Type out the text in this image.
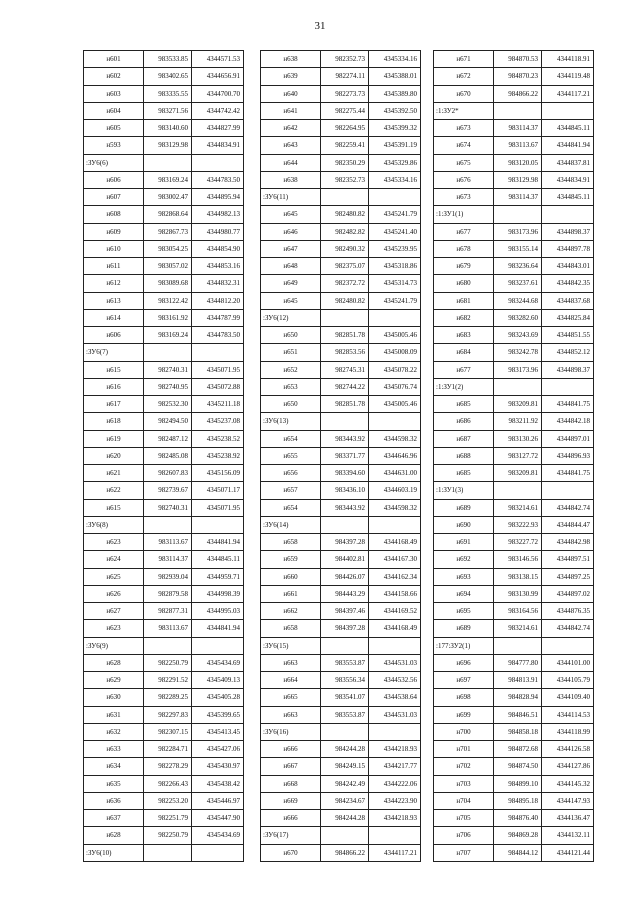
31
н601	983533.85	4344571.53
н602	983402.65	4344656.91
н603	983335.55	4344700.70
н604	983271.56	4344742.42
н605	983140.60	4344827.99
н593	983129.98	4344834.91
:ЗУ6(6)		
н606	983169.24	4344783.50
н607	983002.47	4344895.94
н608	982868.64	4344982.13
н609	982867.73	4344980.77
н610	983054.25	4344854.90
н611	983057.02	4344853.16
н612	983089.68	4344832.31
н613	983122.42	4344812.20
н614	983161.92	4344787.99
н606	983169.24	4344783.50
:ЗУ6(7)		
н615	982740.31	4345071.95
н616	982740.95	4345072.88
н617	982532.30	4345211.18
н618	982494.50	4345237.08
н619	982487.12	4345238.52
н620	982485.08	4345238.92
н621	982607.83	4345156.09
н622	982739.67	4345071.17
н615	982740.31	4345071.95
:ЗУ6(8)		
н623	983113.67	4344841.94
н624	983114.37	4344845.11
н625	982939.04	4344959.71
н626	982879.58	4344998.39
н627	982877.31	4344995.03
н623	983113.67	4344841.94
:ЗУ6(9)		
н628	982250.79	4345434.69
н629	982291.52	4345409.13
н630	982289.25	4345405.28
н631	982297.83	4345399.65
н632	982307.15	4345413.45
н633	982284.71	4345427.06
н634	982278.29	4345430.97
н635	982266.43	4345438.42
н636	982253.20	4345446.97
н637	982251.79	4345447.90
н628	982250.79	4345434.69
:ЗУ6(10)		
н638	982352.73	4345334.16
н639	982274.11	4345388.01
н640	982273.73	4345389.80
н641	982275.44	4345392.50
н642	982264.95	4345399.32
н643	982259.41	4345391.19
н644	982350.29	4345329.86
н638	982352.73	4345334.16
:ЗУ6(11)		
н645	982480.82	4345241.79
н646	982482.82	4345241.40
н647	982490.32	4345239.95
н648	982375.07	4345318.86
н649	982372.72	4345314.73
н645	982480.82	4345241.79
:ЗУ6(12)		
н650	982851.78	4345005.46
н651	982853.56	4345008.09
н652	982745.31	4345078.22
н653	982744.22	4345076.74
н650	982851.78	4345005.46
:ЗУ6(13)		
н654	983443.92	4344598.32
н655	983371.77	4344646.96
н656	983394.60	4344631.00
н657	983436.10	4344603.19
н654	983443.92	4344598.32
:ЗУ6(14)		
н658	984397.28	4344168.49
н659	984402.81	4344167.30
н660	984426.07	4344162.34
н661	984443.29	4344158.66
н662	984397.46	4344169.52
н658	984397.28	4344168.49
:ЗУ6(15)		
н663	983553.87	4344531.03
н664	983556.34	4344532.56
н665	983541.07	4344538.64
н663	983553.87	4344531.03
:ЗУ6(16)		
н666	984244.28	4344218.93
н667	984249.15	4344217.77
н668	984242.49	4344222.06
н669	984234.67	4344223.90
н666	984244.28	4344218.93
:ЗУ6(17)		
н670	984866.22	4344117.21
н671	984870.53	4344118.91
н672	984870.23	4344119.48
н670	984866.22	4344117.21
:1:ЗУ2*		
н673	983114.37	4344845.11
н674	983113.67	4344841.94
н675	983120.05	4344837.81
н676	983129.98	4344834.91
н673	983114.37	4344845.11
:1:ЗУ1(1)		
н677	983173.96	4344898.37
н678	983155.14	4344897.78
н679	983236.64	4344843.01
н680	983237.61	4344842.35
н681	983244.68	4344837.68
н682	983282.60	4344825.84
н683	983243.69	4344851.55
н684	983242.78	4344852.12
н677	983173.96	4344898.37
:1:ЗУ1(2)		
н685	983209.81	4344841.75
н686	983211.92	4344842.18
н687	983130.26	4344897.01
н688	983127.72	4344896.93
н685	983209.81	4344841.75
:1:ЗУ1(3)		
н689	983214.61	4344842.74
н690	983222.93	4344844.47
н691	983227.72	4344842.98
н692	983146.56	4344897.51
н693	983138.15	4344897.25
н694	983130.99	4344897.02
н695	983164.56	4344876.35
н689	983214.61	4344842.74
:177:ЗУ2(1)		
н696	984777.80	4344101.00
н697	984813.91	4344105.79
н698	984828.94	4344109.40
н699	984846.51	4344114.53
н700	984858.18	4344118.99
н701	984872.68	4344126.58
н702	984874.50	4344127.86
н703	984899.10	4344145.32
н704	984895.18	4344147.93
н705	984876.40	4344136.47
н706	984869.28	4344132.11
н707	984844.12	4344121.44
